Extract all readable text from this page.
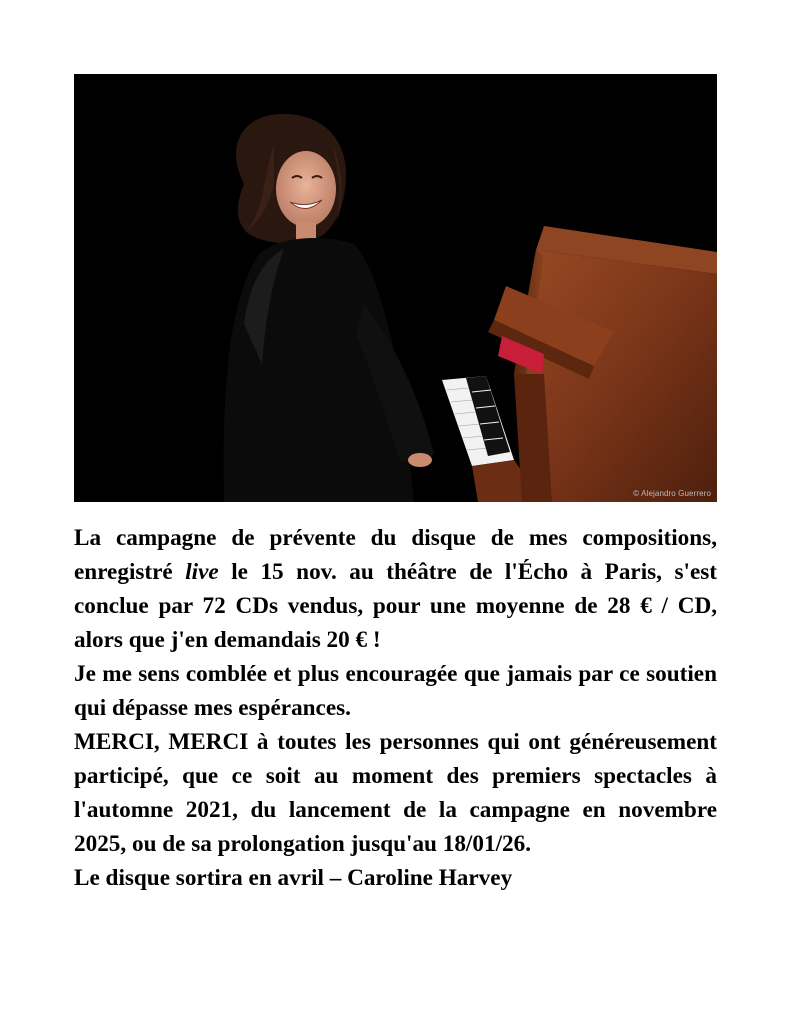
© Alejandro Guerrero

La campagne de prévente du disque de mes compositions, enregistré live le 15 nov. au théâtre de l'Écho à Paris, s'est conclue par 72 CDs vendus, pour une moyenne de 28 € / CD, alors que j'en demandais 20 € !

Je me sens comblée et plus encouragée que jamais par ce soutien qui dépasse mes espérances.

MERCI, MERCI à toutes les personnes qui ont généreusement participé, que ce soit au moment des premiers spectacles à l'automne 2021, du lancement de la campagne en novembre 2025, ou de sa prolongation jusqu'au 18/01/26.

Le disque sortira en avril – Caroline Harvey
